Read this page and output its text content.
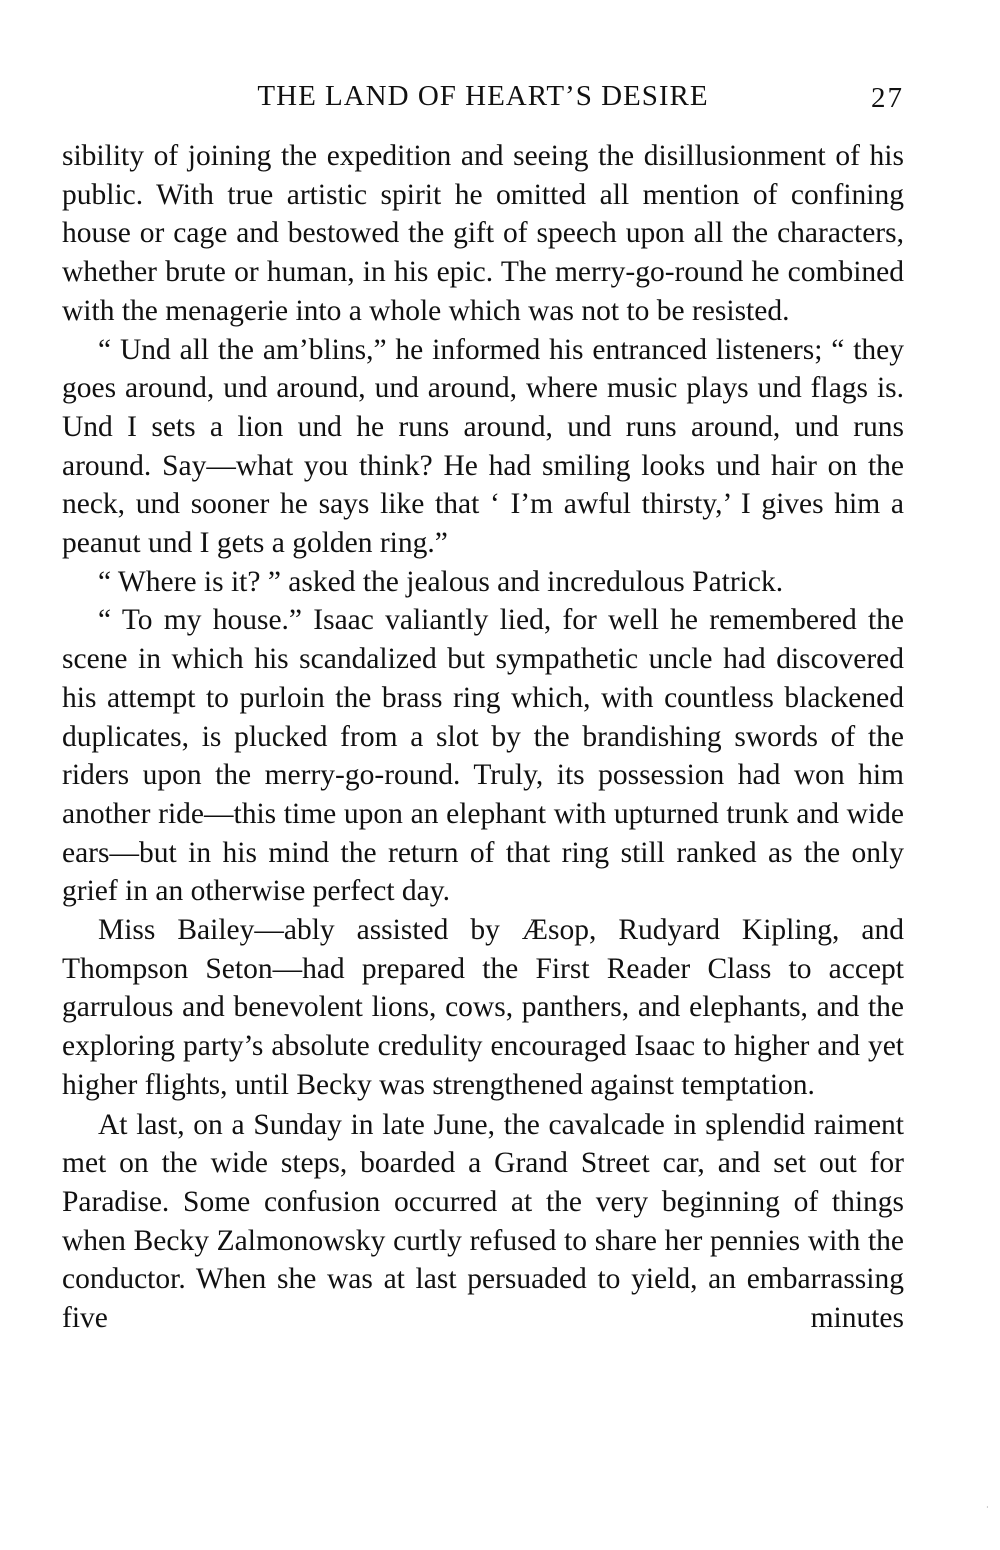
THE LAND OF HEART’S DESIRE	27

sibility of joining the expedition and seeing the disillusionment of his public. With true artistic spirit he omitted all mention of confining house or cage and bestowed the gift of speech upon all the characters, whether brute or human, in his epic. The merry-go-round he combined with the menagerie into a whole which was not to be resisted.

“ Und all the am’blins,” he informed his entranced listeners; “ they goes around, und around, und around, where music plays und flags is. Und I sets a lion und he runs around, und runs around, und runs around. Say—what you think? He had smiling looks und hair on the neck, und sooner he says like that ‘ I’m awful thirsty,’ I gives him a peanut und I gets a golden ring.”

“ Where is it? ” asked the jealous and incredulous Patrick.

“ To my house.” Isaac valiantly lied, for well he remembered the scene in which his scandalized but sympathetic uncle had discovered his attempt to purloin the brass ring which, with countless blackened duplicates, is plucked from a slot by the brandishing swords of the riders upon the merry-go-round. Truly, its possession had won him another ride—this time upon an elephant with upturned trunk and wide ears—but in his mind the return of that ring still ranked as the only grief in an otherwise perfect day.

Miss Bailey—ably assisted by Æsop, Rudyard Kipling, and Thompson Seton—had prepared the First Reader Class to accept garrulous and benevolent lions, cows, panthers, and elephants, and the exploring party’s absolute credulity encouraged Isaac to higher and yet higher flights, until Becky was strengthened against temptation.

At last, on a Sunday in late June, the cavalcade in splendid raiment met on the wide steps, boarded a Grand Street car, and set out for Paradise. Some confusion occurred at the very beginning of things when Becky Zalmonowsky curtly refused to share her pennies with the conductor. When she was at last persuaded to yield, an embarrassing five minutes

·
